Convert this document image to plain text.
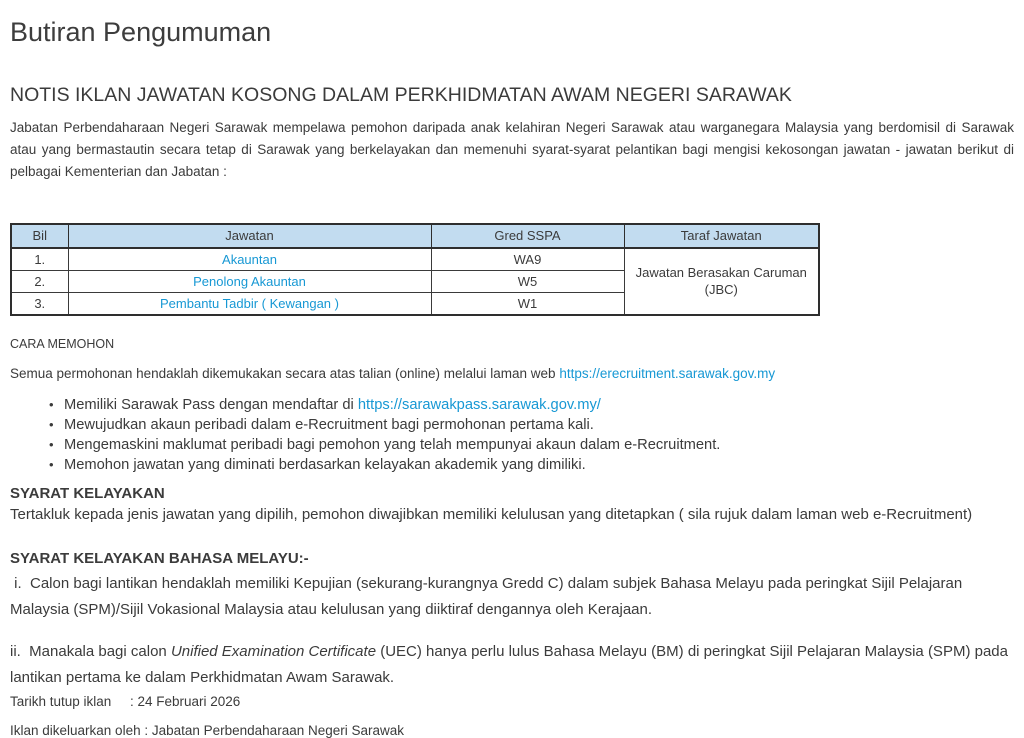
Butiran Pengumuman
NOTIS IKLAN JAWATAN KOSONG DALAM PERKHIDMATAN AWAM NEGERI SARAWAK

Jabatan Perbendaharaan Negeri Sarawak mempelawa pemohon daripada anak kelahiran Negeri Sarawak atau warganegara Malaysia yang berdomisil di Sarawak atau yang bermastautin secara tetap di Sarawak yang berkelayakan dan memenuhi syarat-syarat pelantikan bagi mengisi kekosongan jawatan - jawatan berikut di pelbagai Kementerian dan Jabatan :

Bil	Jawatan	Gred SSPA	Taraf Jawatan
1.	Akauntan	WA9	Jawatan Berasakan Caruman (JBC)
2.	Penolong Akauntan	W5	
3.	Pembantu Tadbir ( Kewangan )	W1	
CARA MEMOHON
Semua permohonan hendaklah dikemukakan secara atas talian (online) melalui laman web https://erecruitment.sarawak.gov.my
• Memiliki Sarawak Pass dengan mendaftar di https://sarawakpass.sarawak.gov.my/
• Mewujudkan akaun peribadi dalam e-Recruitment bagi permohonan pertama kali.
• Mengemaskini maklumat peribadi bagi pemohon yang telah mempunyai akaun dalam e-Recruitment.
• Memohon jawatan yang diminati berdasarkan kelayakan akademik yang dimiliki.
SYARAT KELAYAKAN
Tertakluk kepada jenis jawatan yang dipilih, pemohon diwajibkan memiliki kelulusan yang ditetapkan ( sila rujuk dalam laman web e-Recruitment)
SYARAT KELAYAKAN BAHASA MELAYU:-
i.  Calon bagi lantikan hendaklah memiliki Kepujian (sekurang-kurangnya Gredd C) dalam subjek Bahasa Melayu pada peringkat Sijil Pelajaran Malaysia (SPM)/Sijil Vokasional Malaysia atau kelulusan yang diiktiraf dengannya oleh Kerajaan.
ii.  Manakala bagi calon Unified Examination Certificate (UEC) hanya perlu lulus Bahasa Melayu (BM) di peringkat Sijil Pelajaran Malaysia (SPM) pada lantikan pertama ke dalam Perkhidmatan Awam Sarawak.
Tarikh tutup iklan : 24 Februari 2026
Iklan dikeluarkan oleh : Jabatan Perbendaharaan Negeri Sarawak
